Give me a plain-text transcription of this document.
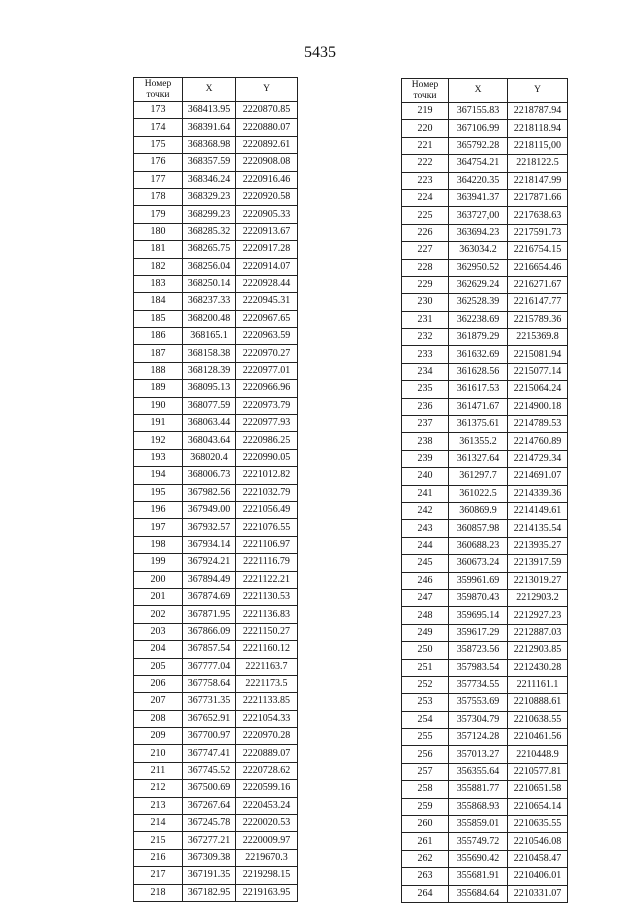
5435
Номер
точки	X	Y
173	368413.95	2220870.85
174	368391.64	2220880.07
175	368368.98	2220892.61
176	368357.59	2220908.08
177	368346.24	2220916.46
178	368329.23	2220920.58
179	368299.23	2220905.33
180	368285.32	2220913.67
181	368265.75	2220917.28
182	368256.04	2220914.07
183	368250.14	2220928.44
184	368237.33	2220945.31
185	368200.48	2220967.65
186	368165.1	2220963.59
187	368158.38	2220970.27
188	368128.39	2220977.01
189	368095.13	2220966.96
190	368077.59	2220973.79
191	368063.44	2220977.93
192	368043.64	2220986.25
193	368020.4	2220990.05
194	368006.73	2221012.82
195	367982.56	2221032.79
196	367949.00	2221056.49
197	367932.57	2221076.55
198	367934.14	2221106.97
199	367924.21	2221116.79
200	367894.49	2221122.21
201	367874.69	2221130.53
202	367871.95	2221136.83
203	367866.09	2221150.27
204	367857.54	2221160.12
205	367777.04	2221163.7
206	367758.64	2221173.5
207	367731.35	2221133.85
208	367652.91	2221054.33
209	367700.97	2220970.28
210	367747.41	2220889.07
211	367745.52	2220728.62
212	367500.69	2220599.16
213	367267.64	2220453.24
214	367245.78	2220020.53
215	367277.21	2220009.97
216	367309.38	2219670.3
217	367191.35	2219298.15
218	367182.95	2219163.95
Номер
точки	X	Y
219	367155.83	2218787.94
220	367106.99	2218118.94
221	365792.28	2218115,00
222	364754.21	2218122.5
223	364220.35	2218147.99
224	363941.37	2217871.66
225	363727,00	2217638.63
226	363694.23	2217591.73
227	363034.2	2216754.15
228	362950.52	2216654.46
229	362629.24	2216271.67
230	362528.39	2216147.77
231	362238.69	2215789.36
232	361879.29	2215369.8
233	361632.69	2215081.94
234	361628.56	2215077.14
235	361617.53	2215064.24
236	361471.67	2214900.18
237	361375.61	2214789.53
238	361355.2	2214760.89
239	361327.64	2214729.34
240	361297.7	2214691.07
241	361022.5	2214339.36
242	360869.9	2214149.61
243	360857.98	2214135.54
244	360688.23	2213935.27
245	360673.24	2213917.59
246	359961.69	2213019.27
247	359870.43	2212903.2
248	359695.14	2212927.23
249	359617.29	2212887.03
250	358723.56	2212903.85
251	357983.54	2212430.28
252	357734.55	2211161.1
253	357553.69	2210888.61
254	357304.79	2210638.55
255	357124.28	2210461.56
256	357013.27	2210448.9
257	356355.64	2210577.81
258	355881.77	2210651.58
259	355868.93	2210654.14
260	355859.01	2210635.55
261	355749.72	2210546.08
262	355690.42	2210458.47
263	355681.91	2210406.01
264	355684.64	2210331.07
